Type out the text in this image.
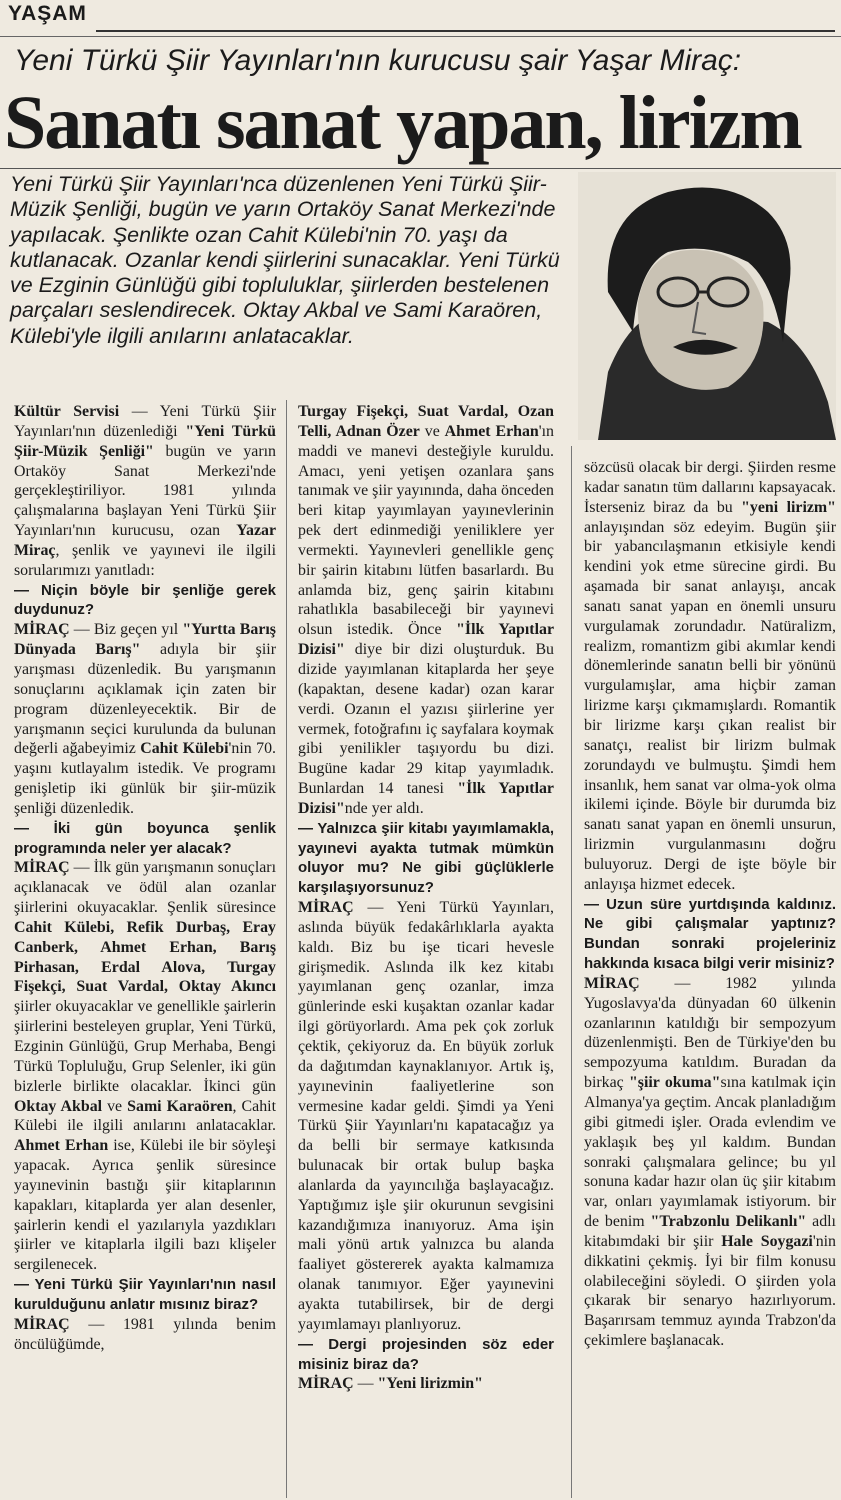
YAŞAM
Yeni Türkü Şiir Yayınları'nın kurucusu şair Yaşar Miraç:
Sanatı sanat yapan, lirizm
Yeni Türkü Şiir Yayınları'nca düzenlenen Yeni Türkü Şiir-Müzik Şenliği, bugün ve yarın Ortaköy Sanat Merkezi'nde yapılacak. Şenlikte ozan Cahit Külebi'nin 70. yaşı da kutlanacak. Ozanlar kendi şiirlerini sunacaklar. Yeni Türkü ve Ezginin Günlüğü gibi topluluklar, şiirlerden bestelenen parçaları seslendirecek. Oktay Akbal ve Sami Karaören, Külebi'yle ilgili anılarını anlatacaklar.

Kültür Servisi — Yeni Türkü Şiir Yayınları'nın düzenlediği "Yeni Türkü Şiir-Müzik Şenliği" bugün ve yarın Ortaköy Sanat Merkezi'nde gerçekleştiriliyor. 1981 yılında çalışmalarına başlayan Yeni Türkü Şiir Yayınları'nın kurucusu, ozan Yazar Miraç, şenlik ve yayınevi ile ilgili sorularımızı yanıtladı:

— Niçin böyle bir şenliğe gerek duydunuz?

MİRAÇ — Biz geçen yıl "Yurtta Barış Dünyada Barış" adıyla bir şiir yarışması düzenledik. Bu yarışmanın sonuçlarını açıklamak için zaten bir program düzenleyecektik. Bir de yarışmanın seçici kurulunda da bulunan değerli ağabeyimiz Cahit Külebi'nin 70. yaşını kutlayalım istedik. Ve programı genişletip iki günlük bir şiir-müzik şenliği düzenledik.

— İki gün boyunca şenlik programında neler yer alacak?

MİRAÇ — İlk gün yarışmanın sonuçları açıklanacak ve ödül alan ozanlar şiirlerini okuyacaklar. Şenlik süresince Cahit Külebi, Refik Durbaş, Eray Canberk, Ahmet Erhan, Barış Pirhasan, Erdal Alova, Turgay Fişekçi, Suat Vardal, Oktay Akıncı şiirler okuyacaklar ve genellikle şairlerin şiirlerini besteleyen gruplar, Yeni Türkü, Ezginin Günlüğü, Grup Merhaba, Bengi Türkü Topluluğu, Grup Selenler, iki gün bizlerle birlikte olacaklar. İkinci gün Oktay Akbal ve Sami Karaören, Cahit Külebi ile ilgili anılarını anlatacaklar. Ahmet Erhan ise, Külebi ile bir söyleşi yapacak. Ayrıca şenlik süresince yayınevinin bastığı şiir kitaplarının kapakları, kitaplarda yer alan desenler, şairlerin kendi el yazılarıyla yazdıkları şiirler ve kitaplarla ilgili bazı klişeler sergilenecek.

— Yeni Türkü Şiir Yayınları'nın nasıl kurulduğunu anlatır mısınız biraz?

MİRAÇ — 1981 yılında benim öncülüğümde,

Turgay Fişekçi, Suat Vardal, Ozan Telli, Adnan Özer ve Ahmet Erhan'ın maddi ve manevi desteğiyle kuruldu. Amacı, yeni yetişen ozanlara şans tanımak ve şiir yayınında, daha önceden beri kitap yayımlayan yayınevlerinin pek dert edinmediği yeniliklere yer vermekti. Yayınevleri genellikle genç bir şairin kitabını lütfen basarlardı. Bu anlamda biz, genç şairin kitabını rahatlıkla basabileceği bir yayınevi olsun istedik. Önce "İlk Yapıtlar Dizisi" diye bir dizi oluşturduk. Bu dizide yayımlanan kitaplarda her şeye (kapaktan, desene kadar) ozan karar verdi. Ozanın el yazısı şiirlerine yer vermek, fotoğrafını iç sayfalara koymak gibi yenilikler taşıyordu bu dizi. Bugüne kadar 29 kitap yayımladık. Bunlardan 14 tanesi "İlk Yapıtlar Dizisi"nde yer aldı.

— Yalnızca şiir kitabı yayımlamakla, yayınevi ayakta tutmak mümkün oluyor mu? Ne gibi güçlüklerle karşılaşıyorsunuz?

MİRAÇ — Yeni Türkü Yayınları, aslında büyük fedakârlıklarla ayakta kaldı. Biz bu işe ticari hevesle girişmedik. Aslında ilk kez kitabı yayımlanan genç ozanlar, imza günlerinde eski kuşaktan ozanlar kadar ilgi görüyorlardı. Ama pek çok zorluk çektik, çekiyoruz da. En büyük zorluk da dağıtımdan kaynaklanıyor. Artık iş, yayınevinin faaliyetlerine son vermesine kadar geldi. Şimdi ya Yeni Türkü Şiir Yayınları'nı kapatacağız ya da belli bir sermaye katkısında bulunacak bir ortak bulup başka alanlarda da yayıncılığa başlayacağız. Yaptığımız işle şiir okurunun sevgisini kazandığımıza inanıyoruz. Ama işin mali yönü artık yalnızca bu alanda faaliyet göstererek ayakta kalmamıza olanak tanımıyor. Eğer yayınevini ayakta tutabilirsek, bir de dergi yayımlamayı planlıyoruz.

— Dergi projesinden söz eder misiniz biraz da?

MİRAÇ — "Yeni lirizmin"

sözcüsü olacak bir dergi. Şiirden resme kadar sanatın tüm dallarını kapsayacak. İsterseniz biraz da bu "yeni lirizm" anlayışından söz edeyim. Bugün şiir bir yabancılaşmanın etkisiyle kendi kendini yok etme sürecine girdi. Bu aşamada bir sanat anlayışı, ancak sanatı sanat yapan en önemli unsuru vurgulamak zorundadır. Natüralizm, realizm, romantizm gibi akımlar kendi dönemlerinde sanatın belli bir yönünü vurgulamışlar, ama hiçbir zaman lirizme karşı çıkmamışlardı. Romantik bir lirizme karşı çıkan realist bir sanatçı, realist bir lirizm bulmak zorundaydı ve bulmuştu. Şimdi hem insanlık, hem sanat var olma-yok olma ikilemi içinde. Böyle bir durumda biz sanatı sanat yapan en önemli unsurun, lirizmin vurgulanmasını doğru buluyoruz. Dergi de işte böyle bir anlayışa hizmet edecek.

— Uzun süre yurtdışında kaldınız. Ne gibi çalışmalar yaptınız? Bundan sonraki projeleriniz hakkında kısaca bilgi verir misiniz?

MİRAÇ — 1982 yılında Yugoslavya'da dünyadan 60 ülkenin ozanlarının katıldığı bir sempozyum düzenlenmişti. Ben de Türkiye'den bu sempozyuma katıldım. Buradan da birkaç "şiir okuma"sına katılmak için Almanya'ya geçtim. Ancak planladığım gibi gitmedi işler. Orada evlendim ve yaklaşık beş yıl kaldım. Bundan sonraki çalışmalara gelince; bu yıl sonuna kadar hazır olan üç şiir kitabım var, onları yayımlamak istiyorum. bir de benim "Trabzonlu Delikanlı" adlı kitabımdaki bir şiir Hale Soygazi'nin dikkatini çekmiş. İyi bir film konusu olabileceğini söyledi. O şiirden yola çıkarak bir senaryo hazırlıyorum. Başarırsam temmuz ayında Trabzon'da çekimlere başlanacak.
